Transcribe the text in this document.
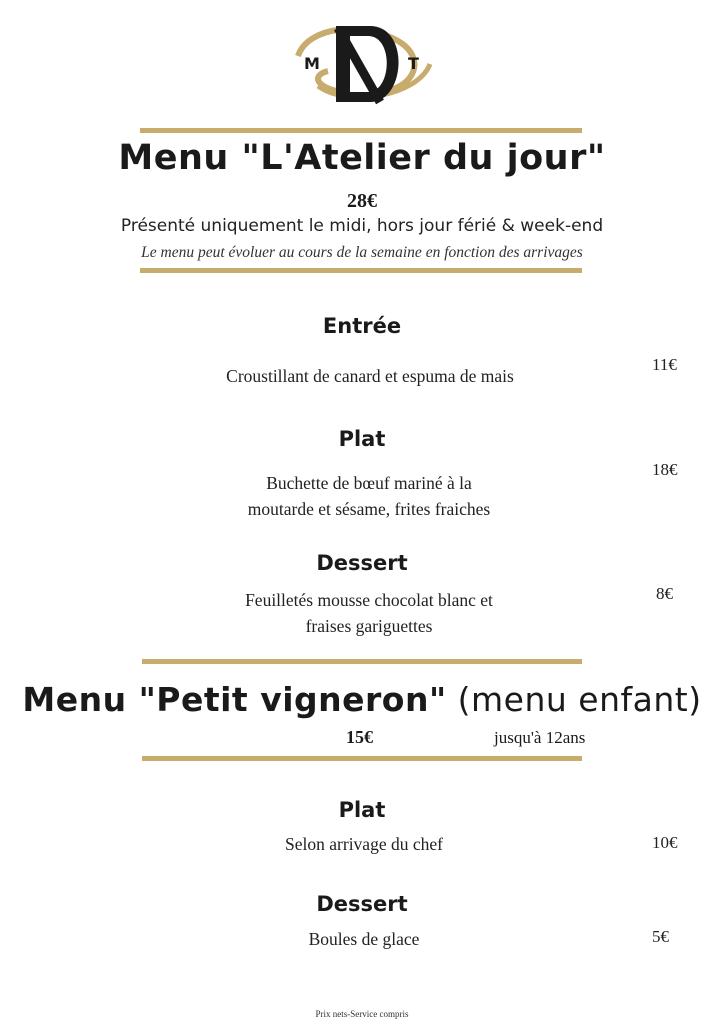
M	T
Menu "L'Atelier du jour"
28€
Présenté uniquement le midi, hors jour férié & week-end
Le menu peut évoluer au cours de la semaine en fonction des arrivages
Entrée
Croustillant de canard et espuma de mais
11€
Plat
Buchette de bœuf mariné à la
moutarde et sésame, frites fraiches
18€
Dessert
Feuilletés mousse chocolat blanc et
fraises gariguettes
8€
Menu "Petit vigneron" (menu enfant)
15€	jusqu'à 12ans
Plat
Selon arrivage du chef	10€
Dessert
Boules de glace	5€
Prix nets-Service compris
